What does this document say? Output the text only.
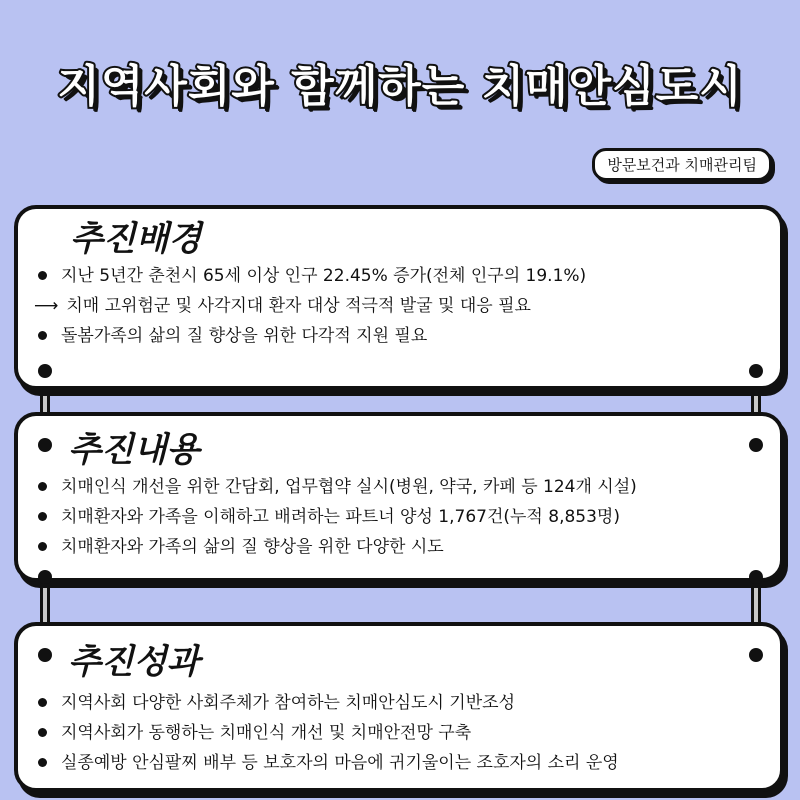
지역사회와 함께하는 치매안심도시
방문보건과 치매관리팀
추진배경
지난 5년간 춘천시 65세 이상 인구 22.45% 증가(전체 인구의 19.1%)
⟶ 치매 고위험군 및 사각지대 환자 대상 적극적 발굴 및 대응 필요
돌봄가족의 삶의 질 향상을 위한 다각적 지원 필요
추진내용
치매인식 개선을 위한 간담회, 업무협약 실시(병원, 약국, 카페 등 124개 시설)
치매환자와 가족을 이해하고 배려하는 파트너 양성 1,767건(누적 8,853명)
치매환자와 가족의 삶의 질 향상을 위한 다양한 시도
추진성과
지역사회 다양한 사회주체가 참여하는 치매안심도시 기반조성
지역사회가 동행하는 치매인식 개선 및 치매안전망 구축
실종예방 안심팔찌 배부 등 보호자의 마음에 귀기울이는 조호자의 소리 운영
